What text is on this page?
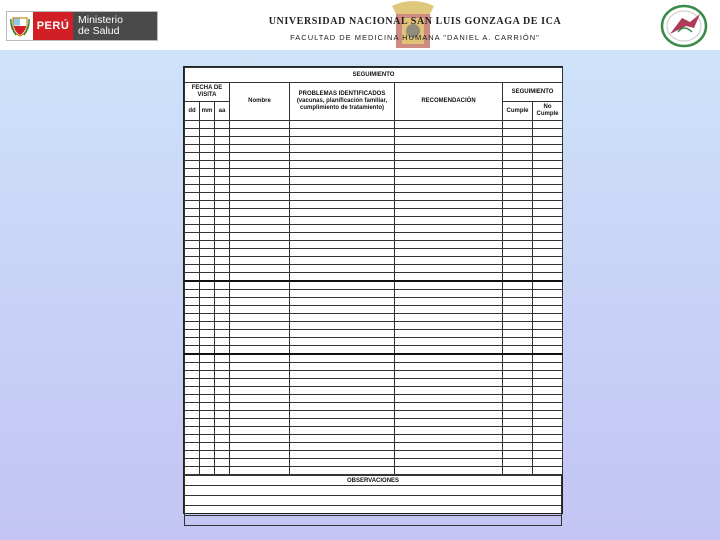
PERÚ Ministerio
de Salud
UNIVERSIDAD NACIONAL SAN LUIS GONZAGA DE ICA
FACULTAD DE MEDICINA HUMANA "DANIEL A. CARRIÓN"
SEGUIMIENTO							
FECHA DE VISITA			Nombre	PROBLEMAS IDENTIFICADOS (vacunas, planificación familiar, cumplimiento de tratamiento)	RECOMENDACIÓN	SEGUIMIENTO	
dd	mm	aa				Cumple	No Cumple

OBSERVACIONES
